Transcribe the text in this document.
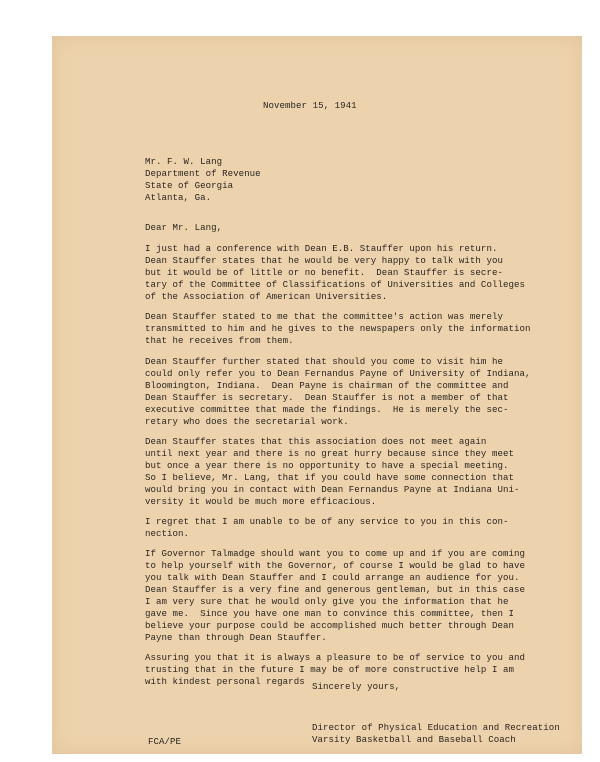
November 15, 1941
Mr. F. W. Lang
Department of Revenue
State of Georgia
Atlanta, Ga.
Dear Mr. Lang,
I just had a conference with Dean E.B. Stauffer upon his return.
Dean Stauffer states that he would be very happy to talk with you
but it would be of little or no benefit.  Dean Stauffer is secre-
tary of the Committee of Classifications of Universities and Colleges
of the Association of American Universities.
Dean Stauffer stated to me that the committee's action was merely
transmitted to him and he gives to the newspapers only the information
that he receives from them.
Dean Stauffer further stated that should you come to visit him he
could only refer you to Dean Fernandus Payne of University of Indiana,
Bloomington, Indiana.  Dean Payne is chairman of the committee and
Dean Stauffer is secretary.  Dean Stauffer is not a member of that
executive committee that made the findings.  He is merely the sec-
retary who does the secretarial work.
Dean Stauffer states that this association does not meet again
until next year and there is no great hurry because since they meet
but once a year there is no opportunity to have a special meeting.
So I believe, Mr. Lang, that if you could have some connection that
would bring you in contact with Dean Fernandus Payne at Indiana Uni-
versity it would be much more efficacious.
I regret that I am unable to be of any service to you in this con-
nection.
If Governor Talmadge should want you to come up and if you are coming
to help yourself with the Governor, of course I would be glad to have
you talk with Dean Stauffer and I could arrange an audience for you.
Dean Stauffer is a very fine and generous gentleman, but in this case
I am very sure that he would only give you the information that he
gave me.  Since you have one man to convince this committee, then I
believe your purpose could be accomplished much better through Dean
Payne than through Dean Stauffer.
Assuring you that it is always a pleasure to be of service to you and
trusting that in the future I may be of more constructive help I am
with kindest personal regards Sincerely yours,
Director of Physical Education and Recreation
Varsity Basketball and Baseball Coach
FCA/PE
